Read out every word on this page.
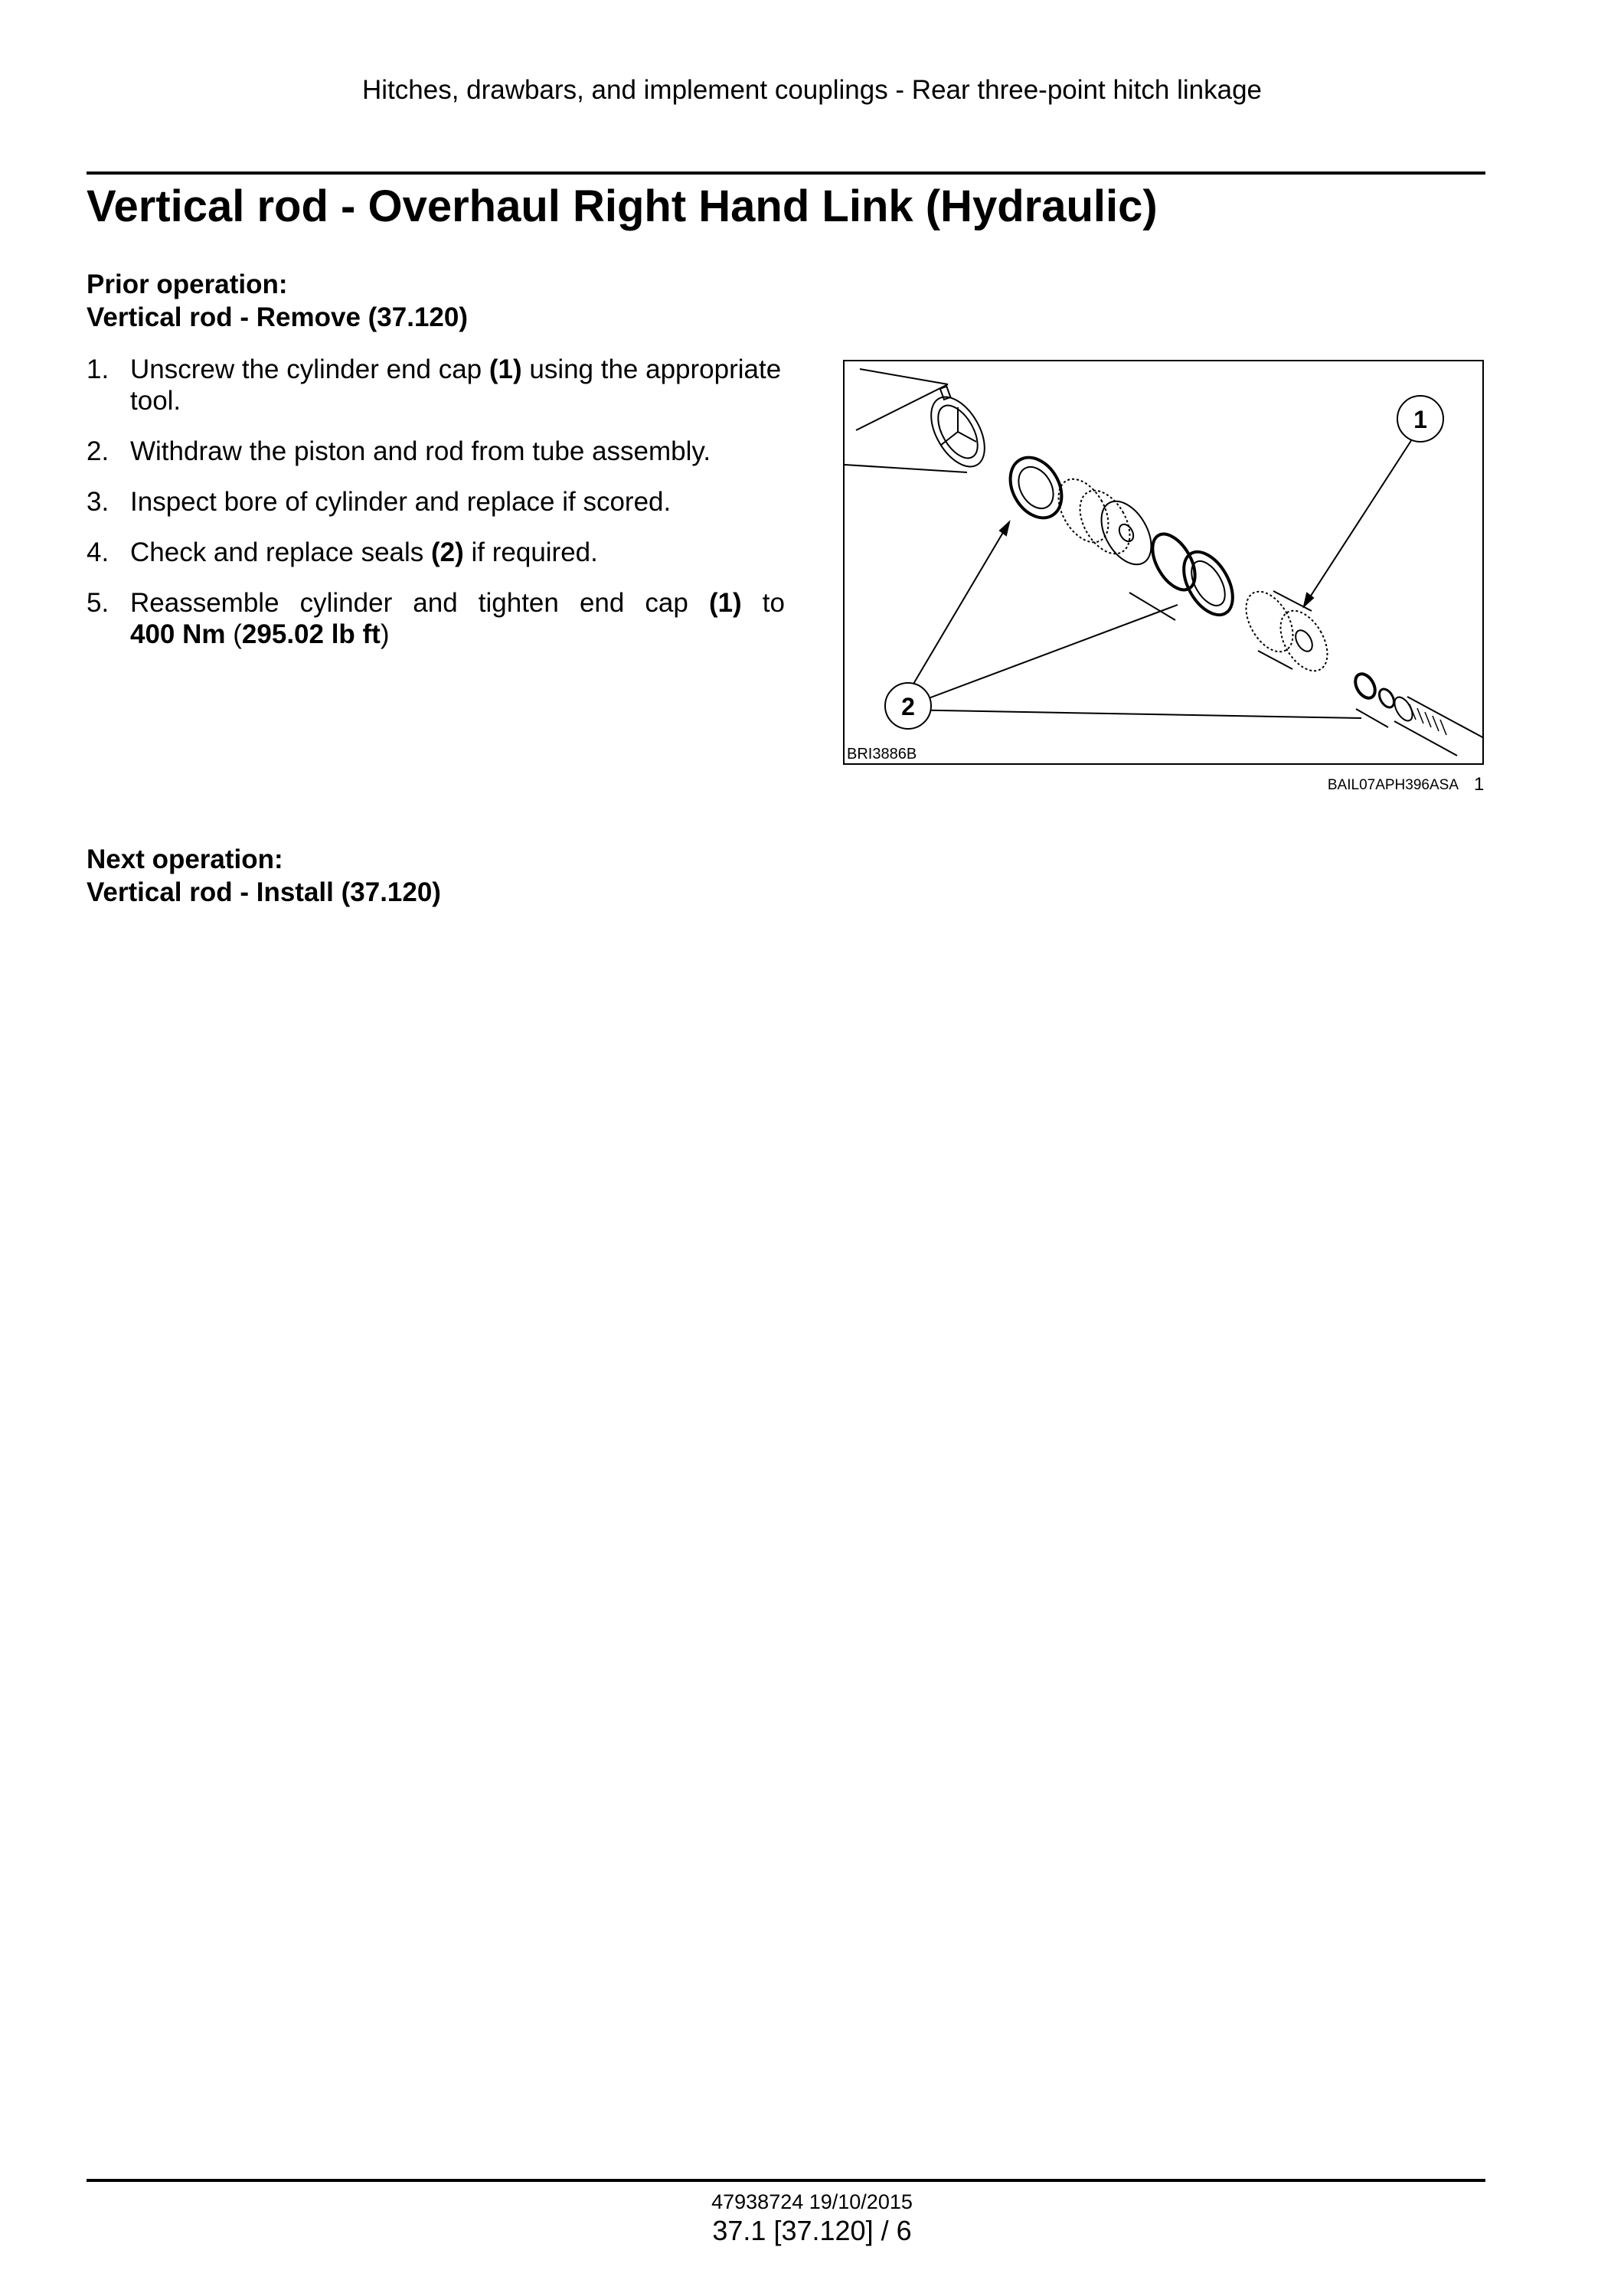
Hitches, drawbars, and implement couplings - Rear three-point hitch linkage
Vertical rod - Overhaul Right Hand Link (Hydraulic)
Prior operation:
Vertical rod - Remove (37.120)
1. Unscrew the cylinder end cap (1) using the appropriate tool.
2. Withdraw the piston and rod from tube assembly.
3. Inspect bore of cylinder and replace if scored.
4. Check and replace seals (2) if required.
5. Reassemble cylinder and tighten end cap (1) to
400 Nm (295.02 lb ft)
1
2
BRI3886B
BAIL07APH396ASA 1
Next operation:
Vertical rod - Install (37.120)
47938724 19/10/2015
37.1 [37.120] / 6
